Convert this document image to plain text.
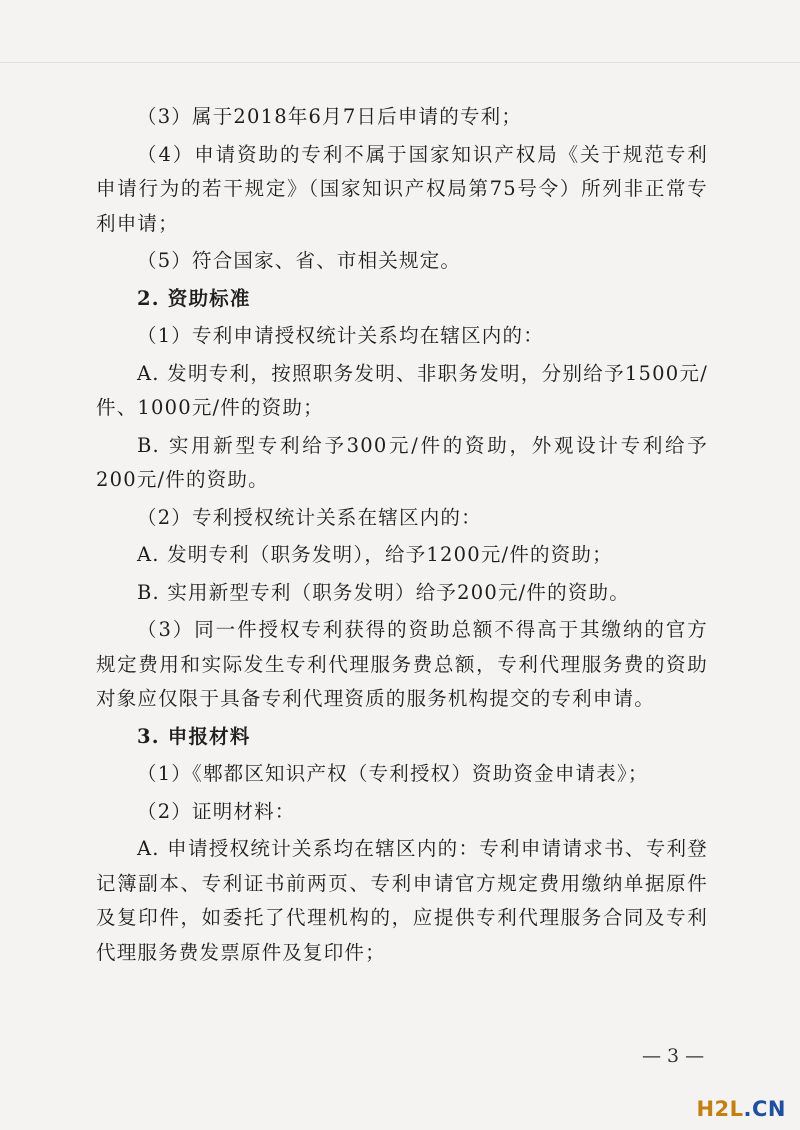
（3）属于2018年6月7日后申请的专利；

（4）申请资助的专利不属于国家知识产权局《关于规范专利申请行为的若干规定》（国家知识产权局第75号令）所列非正常专利申请；

（5）符合国家、省、市相关规定。

2. 资助标准

（1）专利申请授权统计关系均在辖区内的：

A. 发明专利，按照职务发明、非职务发明，分别给予1500元/件、1000元/件的资助；

B. 实用新型专利给予300元/件的资助，外观设计专利给予200元/件的资助。

（2）专利授权统计关系在辖区内的：

A. 发明专利（职务发明），给予1200元/件的资助；

B. 实用新型专利（职务发明）给予200元/件的资助。

（3）同一件授权专利获得的资助总额不得高于其缴纳的官方规定费用和实际发生专利代理服务费总额，专利代理服务费的资助对象应仅限于具备专利代理资质的服务机构提交的专利申请。

3. 申报材料

（1）《郫都区知识产权（专利授权）资助资金申请表》；

（2）证明材料：

A. 申请授权统计关系均在辖区内的：专利申请请求书、专利登记簿副本、专利证书前两页、专利申请官方规定费用缴纳单据原件及复印件，如委托了代理机构的，应提供专利代理服务合同及专利代理服务费发票原件及复印件；

— 3 —
H2L.CN
